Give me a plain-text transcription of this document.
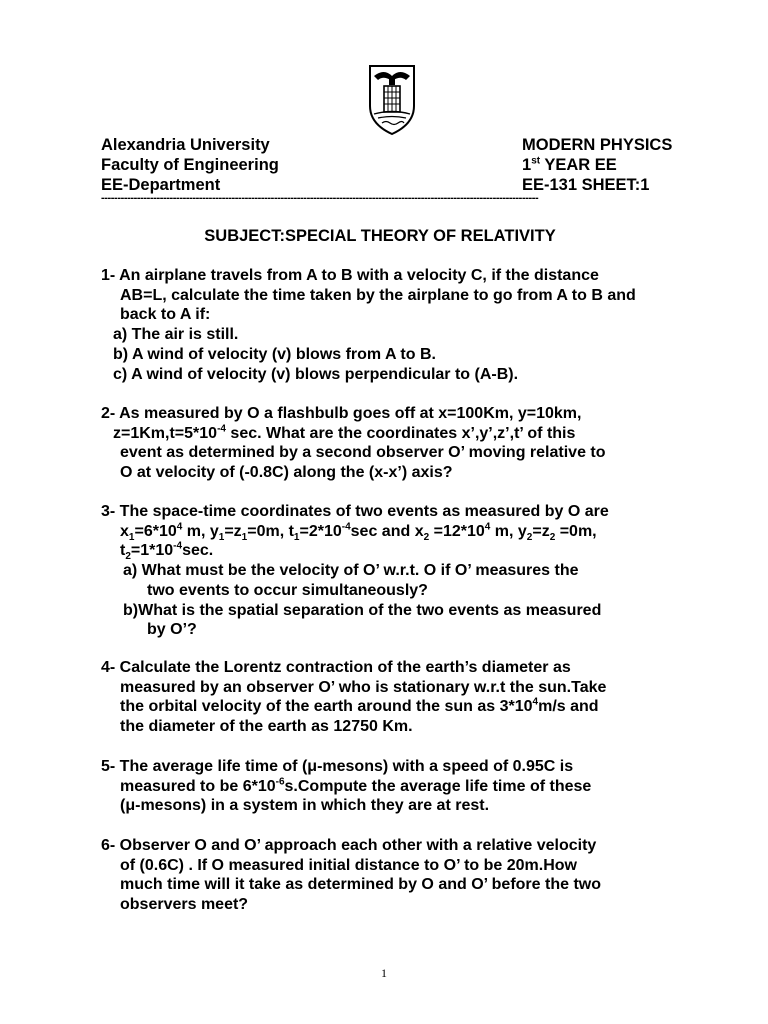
Alexandria University
Faculty of Engineering
EE-Department
MODERN PHYSICS
1st YEAR EE
EE-131 SHEET:1
--------------------------------------------------------------------------------------------------------------------------------------
SUBJECT:SPECIAL THEORY OF RELATIVITY
1- An airplane travels from A to B with a velocity C, if the distance
AB=L, calculate the time taken by the airplane to go from A to B and
back to A if:
a) The air is still.
b) A wind of velocity (v) blows from A to B.
c) A wind of velocity (v) blows perpendicular to (A-B).
2- As measured by O a flashbulb goes off at x=100Km, y=10km,
$z=1Km,t=5*10^{-4}$ sec. What are the coordinates x’,y’,z’,t’ of this
event as determined by a second observer O’ moving relative to
O at velocity of (-0.8C) along the (x-x’) axis?
3- The space-time coordinates of two events as measured by O are
$x_1=6*10^4$ m, $y_1=z_1=0m$, $t_1=2*10^{-4}\sec$ and $x_2 =12*10^4$ m, $y_2=z_2 =0m$,
$t_2=1*10^{-4}\sec$.
a) What must be the velocity of O’ w.r.t. O if O’ measures the
two events to occur simultaneously?
b)What is the spatial separation of the two events as measured
by O’?
4- Calculate the Lorentz contraction of the earth’s diameter as
measured by an observer O’ who is stationary w.r.t the sun.Take
the orbital velocity of the earth around the sun as $3*10^4m/s$ and
the diameter of the earth as 12750 Km.
5- The average life time of (μ-mesons) with a speed of 0.95C is
measured to be $6*10^{-6}s.Compute$ the average life time of these
(μ-mesons) in a system in which they are at rest.
6- Observer O and O’ approach each other with a relative velocity
of (0.6C) . If O measured initial distance to O’ to be 20m.How
much time will it take as determined by O and O’ before the two
observers meet?
1
